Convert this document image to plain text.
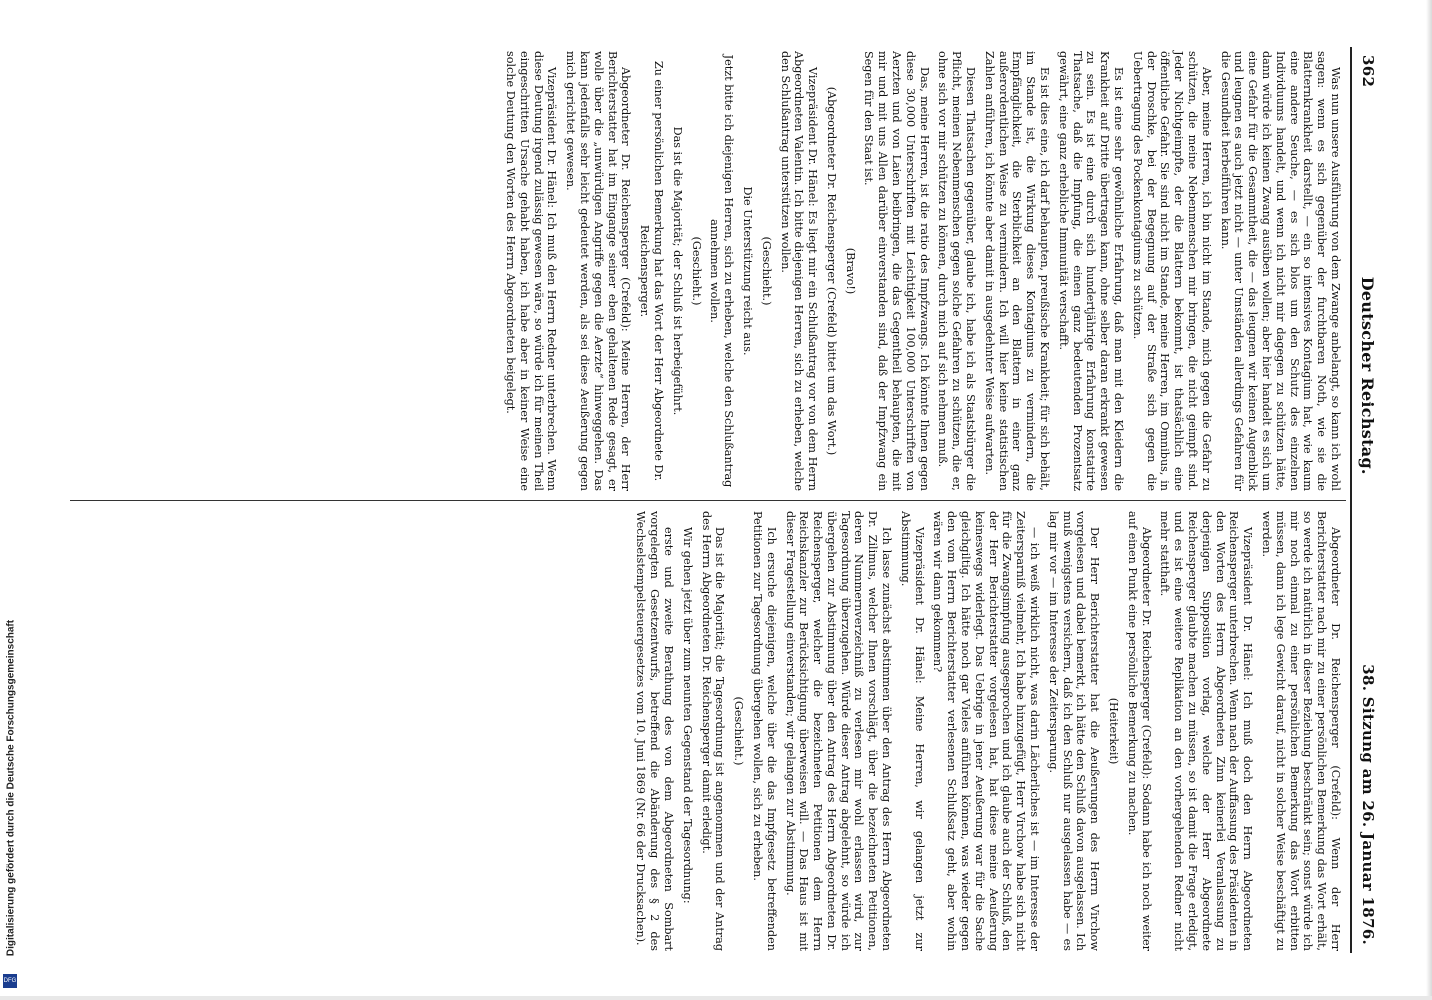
362
Deutscher Reichstag.
38. Sitzung am 26. Januar 1876.

Was nun unsere Ausführung von dem Zwange anbelangt, so kann ich wohl sagen: wenn es sich gegenüber der furchtbaren Noth, wie sie die Blatternkrankheit darstellt, — ein so intensives Kontagium hat, wie kaum eine andere Seuche, — es sich blos um den Schutz des einzelnen Individuums handelt, und wenn ich nicht mir dagegen zu schützen hätte, dann würde ich keinen Zwang ausüben wollen; aber hier handelt es sich um eine Gefahr für die Gesammtheit, die — das leugnen wir keinen Augenblick und leugnen es auch jetzt nicht — unter Umständen allerdings Gefahren für die Gesundheit herbeiführen kann.

Aber, meine Herren, ich bin nicht im Stande, mich gegen die Gefahr zu schützen, die meine Nebenmenschen mir bringen, die nicht geimpft sind. Jeder Nichtgeimpfte, der die Blattern bekommt, ist thatsächlich eine öffentliche Gefahr. Sie sind nicht im Stande, meine Herren, im Omnibus, in der Droschke, bei der Begegnung auf der Straße sich gegen die Uebertragung des Pockenkontagiums zu schützen.

Es ist eine sehr gewöhnliche Erfahrung, daß man mit den Kleidern die Krankheit auf Dritte übertragen kann, ohne selber daran erkrankt gewesen zu sein. Es ist eine durch sich hundertjährige Erfahrung konstatirte Thatsache, daß die Impfung, die einen ganz bedeutenden Prozentsatz gewährt, eine ganz erhebliche Immunität verschafft.

Es ist dies eine, ich darf behaupten, preußische Krankheit; für sich behält, im Stande ist, die Wirkung dieses Kontagiums zu vermindern, die Empfänglichkeit, die Sterblichkeit an den Blattern in einer ganz außerordentlichen Weise zu vermindern. Ich will hier keine statistischen Zahlen anführen, ich könnte aber damit in ausgedehnter Weise aufwarten.

Diesen Thatsachen gegenüber, glaube ich, habe ich als Staatsbürger die Pflicht, meinen Nebenmenschen gegen solche Gefahren zu schützen, die er, ohne sich vor mir schützen zu können, durch mich auf sich nehmen muß.

Das, meine Herren, ist die ratio des Impfzwangs. Ich könnte Ihnen gegen diese 30,000 Unterschriften mit Leichtigkeit 100,000 Unterschriften von Aerzten und von Laien beibringen, die das Gegentheil behaupten, die mit mir und mit uns Allen darüber einverstanden sind, daß der Impfzwang ein Segen für den Staat ist.

(Bravo!)

(Abgeordneter Dr. Reichensperger (Crefeld) bittet um das Wort.)

Vizepräsident Dr. Hänel: Es liegt mir ein Schlußantrag vor von dem Herrn Abgeordneten Valentin. Ich bitte diejenigen Herren, sich zu erheben, welche den Schlußantrag unterstützen wollen.

(Geschieht.)

Die Unterstützung reicht aus.

Jetzt bitte ich diejenigen Herren, sich zu erheben, welche den Schlußantrag annehmen wollen.

(Geschieht.)

Das ist die Majorität; der Schluß ist herbeigeführt.

Zu einer persönlichen Bemerkung hat das Wort der Herr Abgeordnete Dr. Reichensperger.

Abgeordneter Dr. Reichensperger (Crefeld): Meine Herren, der Herr Berichterstatter hat im Eingange seiner eben gehaltenen Rede gesagt, er wolle über die „unwürdigen Angriffe gegen die Aerzte“ hinweggehen. Das kann jedenfalls sehr leicht gedeutet werden, als sei diese Aeußerung gegen mich gerichtet gewesen.

Vizepräsident Dr. Hänel: Ich muß den Herrn Redner unterbrechen. Wenn diese Deutung irgend zulässig gewesen wäre, so würde ich für meinen Theil eingeschritten Ursache gehabt haben, ich habe aber in keiner Weise eine solche Deutung den Worten des Herrn Abgeordneten beigelegt.

Abgeordneter Dr. Reichensperger (Crefeld): Wenn der Herr Berichterstatter nach mir zu einer persönlichen Bemerkung das Wort erhält, so werde ich natürlich in dieser Beziehung beschränkt sein; sonst würde ich mir noch einmal zu einer persönlichen Bemerkung das Wort erbitten müssen, dann ich lege Gewicht darauf, nicht in solcher Weise beschäftigt zu werden.

Vizepräsident Dr. Hänel: Ich muß doch den Herrn Abgeordneten Reichensperger unterbrechen. Wenn nach der Auffassung des Präsidenten in den Worten des Herrn Abgeordneten Zinn keinerlei Veranlassung zu derjenigen Supposition vorlag, welche der Herr Abgeordnete Reichensperger glaubte machen zu müssen, so ist damit die Frage erledigt, und es ist eine weitere Replikation an den vorhergehenden Redner nicht mehr statthaft.

Abgeordneter Dr. Reichensperger (Crefeld): Sodann habe ich noch weiter auf einen Punkt eine persönliche Bemerkung zu machen.

(Heiterkeit)

Der Herr Berichterstatter hat die Aeußerungen des Herrn Virchow vorgelesen und dabei bemerkt, ich hätte den Schluß davon ausgelassen. Ich muß wenigstens versichern, daß ich den Schluß nur ausgelassen habe — es lag mir vor — im Interesse der Zeitersparung.

— ich weiß wirklich nicht, was darin Lächerliches ist — im Interesse der Zeitersparniß vielmehr, Ich habe hinzugefügt, Herr Virchow habe sich nicht für die Zwangsimpfung ausgesprochen und ich glaube auch der Schluß, den der Herr Berichterstatter vorgelesen hat, hat diese meine Aeußerung keineswegs widerlegt. Das Uebrige in jener Aeußerung war für die Sache gleichgiltig. Ich hätte noch gar Vieles anführen können, was wieder gegen den vom Herrn Berichterstatter verlesenen Schlußsatz geht, aber wohin wären wir dann gekommen?

Vizepräsident Dr. Hänel: Meine Herren, wir gelangen jetzt zur Abstimmung.

Ich lasse zunächst abstimmen über den Antrag des Herrn Abgeordneten Dr. Zilimus, welcher Ihnen vorschlägt, über die bezeichneten Petitionen, deren Nummernverzeichniß zu verlesen mir wohl erlassen wird, zur Tagesordnung überzugehen. Würde dieser Antrag abgelehnt, so würde ich übergehen zur Abstimmung über den Antrag des Herrn Abgeordneten Dr. Reichensperger, welcher die bezeichneten Petitionen dem Herrn Reichskanzler zur Berücksichtigung überweisen will. — Das Haus ist mit dieser Fragestellung einverstanden; wir gelangen zur Abstimmung.

Ich ersuche diejenigen, welche über die das Impfgesetz betreffenden Petitionen zur Tagesordnung übergehen wollen, sich zu erheben.

(Geschieht.)

Das ist die Majorität; die Tagesordnung ist angenommen und der Antrag des Herrn Abgeordneten Dr. Reichensperger damit erledigt.

Wir gehen jetzt über zum neunten Gegenstand der Tagesordnung:

erste und zweite Berathung des von dem Abgeordneten Sombart vorgelegten Gesetzentwurfs, betreffend die Abänderung des § 2 des Wechselstempelsteuergesetzes vom 10. Juni 1869 (Nr. 66 der Drucksachen).

Digitalisierung gefördert durch die Deutsche Forschungsgemeinschaft
DFG
